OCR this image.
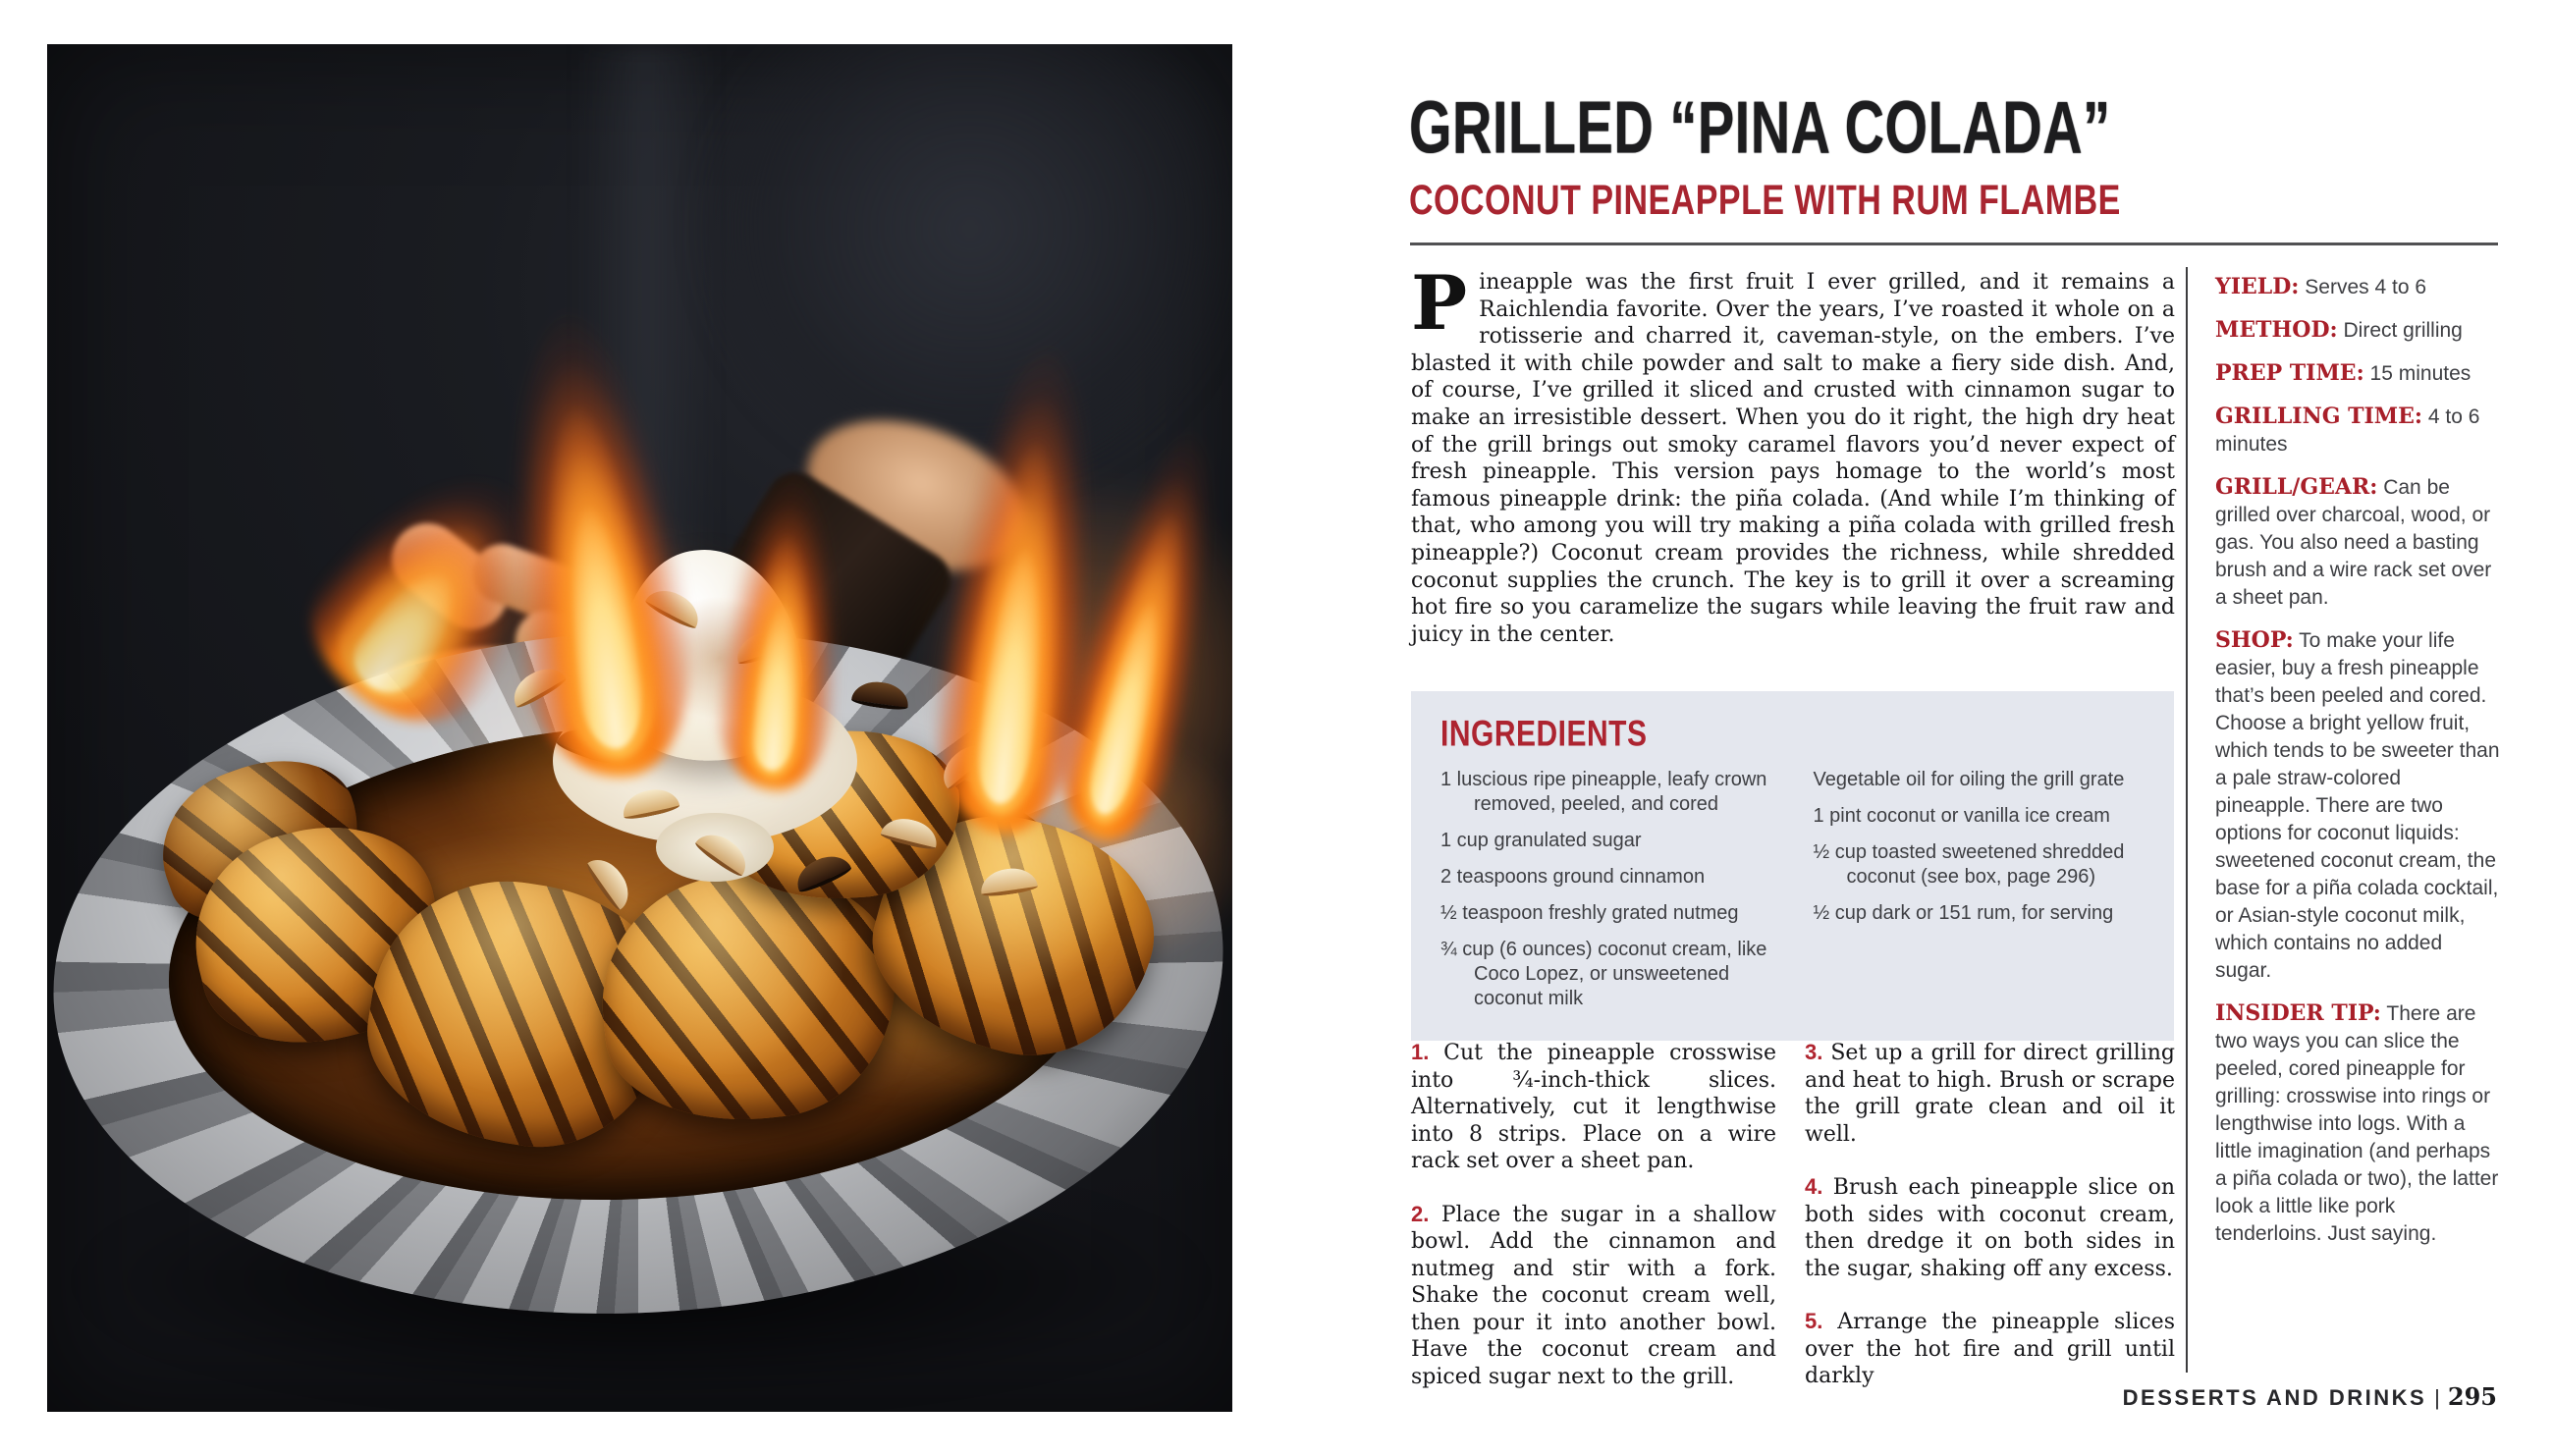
GRILLED “PINA COLADA”
COCONUT PINEAPPLE WITH RUM FLAMBE
Pineapple was the first fruit I ever grilled, and it remains a Raichlendia favorite. Over the years, I’ve roasted it whole on a rotisserie and charred it, caveman-style, on the embers. I’ve blasted it with chile powder and salt to make a fiery side dish. And, of course, I’ve grilled it sliced and crusted with cinnamon sugar to make an irresistible dessert. When you do it right, the high dry heat of the grill brings out smoky caramel flavors you’d never expect of fresh pineapple. This version pays homage to the world’s most famous pineapple drink: the piña colada. (And while I’m thinking of that, who among you will try making a piña colada with grilled fresh pineapple?) Coconut cream provides the richness, while shredded coconut supplies the crunch. The key is to grill it over a screaming hot fire so you caramelize the sugars while leaving the fruit raw and juicy in the center.
INGREDIENTS

1 luscious ripe pineapple, leafy crown removed, peeled, and cored

1 cup granulated sugar

2 teaspoons ground cinnamon

½ teaspoon freshly grated nutmeg

¾ cup (6 ounces) coconut cream, like Coco Lopez, or unsweetened coconut milk

Vegetable oil for oiling the grill grate

1 pint coconut or vanilla ice cream

½ cup toasted sweetened shredded coconut (see box, page 296)

½ cup dark or 151 rum, for serving

1. Cut the pineapple crosswise into ¾-inch-thick slices. Alternatively, cut it lengthwise into 8 strips. Place on a wire rack set over a sheet pan.

2. Place the sugar in a shallow bowl. Add the cinnamon and nutmeg and stir with a fork. Shake the coconut cream well, then pour it into another bowl. Have the coconut cream and spiced sugar next to the grill.

3. Set up a grill for direct grilling and heat to high. Brush or scrape the grill grate clean and oil it well.

4. Brush each pineapple slice on both sides with coconut cream, then dredge it on both sides in the sugar, shaking off any excess.

5. Arrange the pineapple slices over the hot fire and grill until darkly

YIELD: Serves 4 to 6

METHOD: Direct grilling

PREP TIME: 15 minutes

GRILLING TIME: 4 to 6 minutes

GRILL/GEAR: Can be grilled over charcoal, wood, or gas. You also need a basting brush and a wire rack set over a sheet pan.

SHOP: To make your life easier, buy a fresh pineapple that’s been peeled and cored. Choose a bright yellow fruit, which tends to be sweeter than a pale straw-colored pineapple. There are two options for coconut liquids: sweetened coconut cream, the base for a piña colada cocktail, or Asian-style coconut milk, which contains no added sugar.

INSIDER TIP: There are two ways you can slice the peeled, cored pineapple for grilling: crosswise into rings or lengthwise into logs. With a little imagination (and perhaps a piña colada or two), the latter look a little like pork tenderloins. Just saying.

DESSERTS AND DRINKS | 295
